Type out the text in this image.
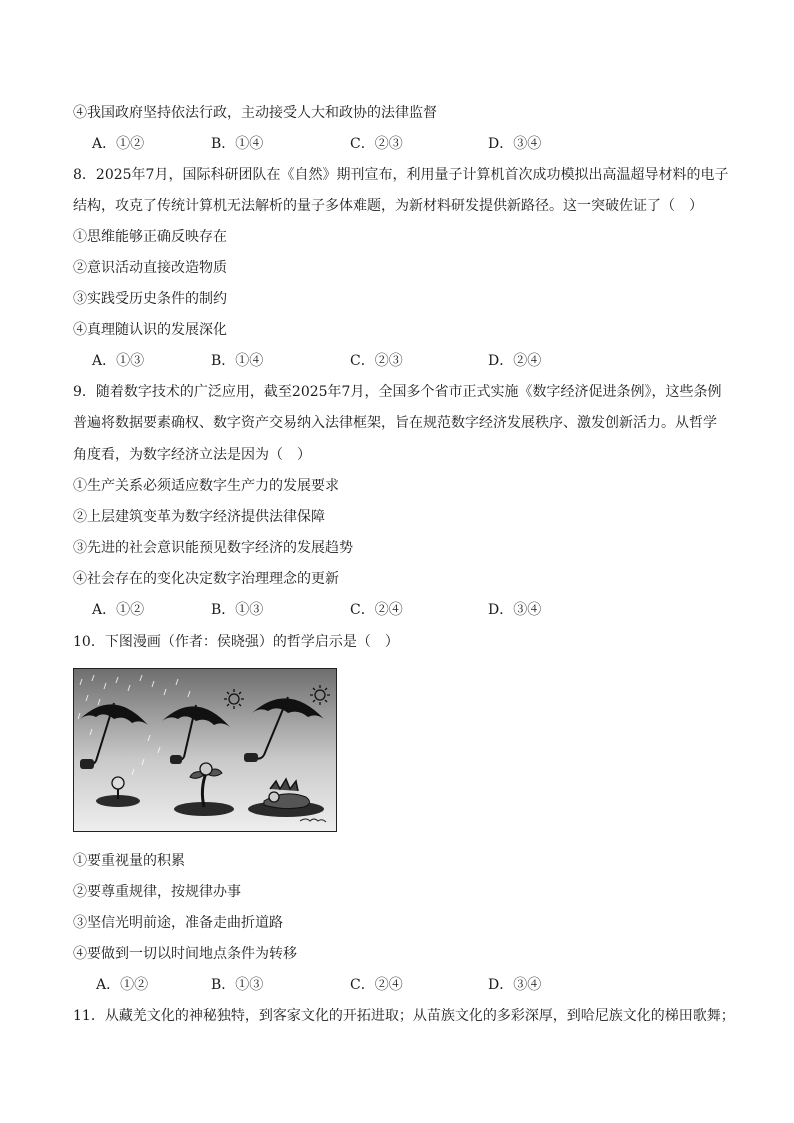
④我国政府坚持依法行政，主动接受人大和政协的法律监督
A．①②	B．①④	C．②③	D．③④
8．2025年7月，国际科研团队在《自然》期刊宣布，利用量子计算机首次成功模拟出高温超导材料的电子
结构，攻克了传统计算机无法解析的量子多体难题，为新材料研发提供新路径。这一突破佐证了（　）
①思维能够正确反映存在
②意识活动直接改造物质
③实践受历史条件的制约
④真理随认识的发展深化
A．①③	B．①④	C．②③	D．②④
9．随着数字技术的广泛应用，截至2025年7月，全国多个省市正式实施《数字经济促进条例》，这些条例
普遍将数据要素确权、数字资产交易纳入法律框架，旨在规范数字经济发展秩序、激发创新活力。从哲学
角度看，为数字经济立法是因为（　）
①生产关系必须适应数字生产力的发展要求
②上层建筑变革为数字经济提供法律保障
③先进的社会意识能预见数字经济的发展趋势
④社会存在的变化决定数字治理理念的更新
A．①②	B．①③	C．②④	D．③④
10．下图漫画（作者：侯晓强）的哲学启示是（　）
①要重视量的积累
②要尊重规律，按规律办事
③坚信光明前途，准备走曲折道路
④要做到一切以时间地点条件为转移
A．①②	B．①③	C．②④	D．③④
11．从藏羌文化的神秘独特，到客家文化的开拓进取；从苗族文化的多彩深厚，到哈尼族文化的梯田歌舞；
